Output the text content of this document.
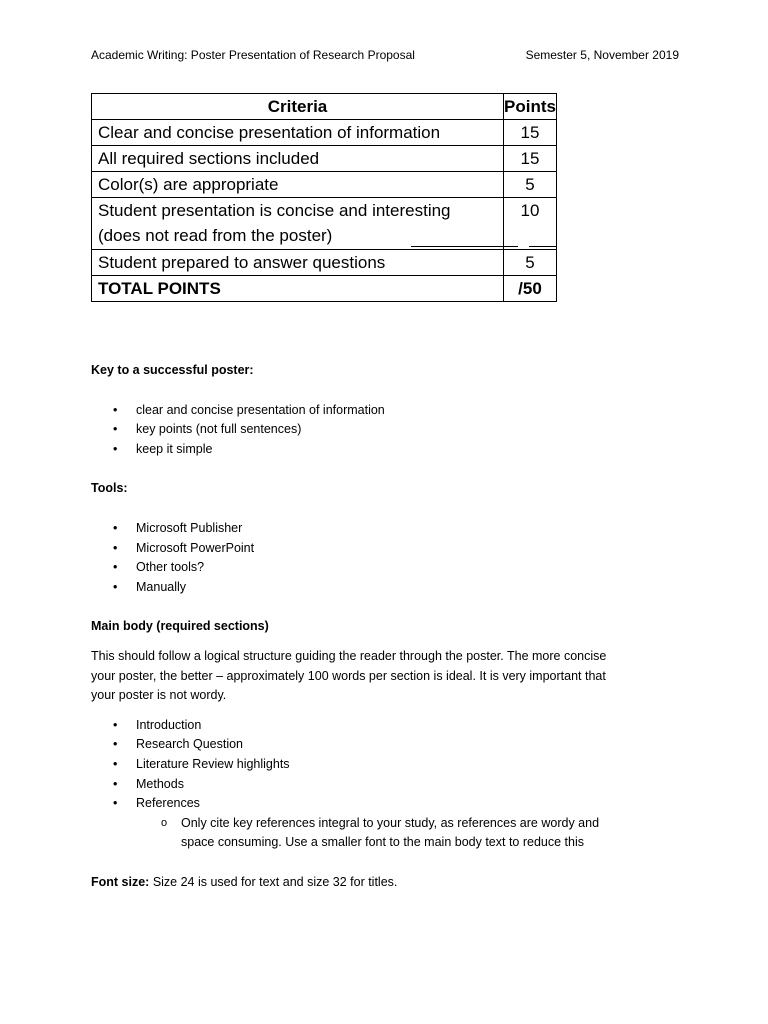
Academic Writing: Poster Presentation of Research Proposal	Semester 5, November 2019
Criteria	Points
Clear and concise presentation of information	15
All required sections included	15
Color(s) are appropriate	5

Student presentation is concise and interesting
(does not read from the poster)	10
Student prepared to answer questions	5
TOTAL POINTS	/50

Key to a successful poster:

• clear and concise presentation of information
• key points (not full sentences)
• keep it simple

Tools:

• Microsoft Publisher
• Microsoft PowerPoint
• Other tools?
• Manually

Main body (required sections)

This should follow a logical structure guiding the reader through the poster. The more concise

your poster, the better – approximately 100 words per section is ideal. It is very important that

your poster is not wordy.

• Introduction
• Research Question
• Literature Review highlights
• Methods
• References
o Only cite key references integral to your study, as references are wordy and
space consuming. Use a smaller font to the main body text to reduce this

Font size: Size 24 is used for text and size 32 for titles.
